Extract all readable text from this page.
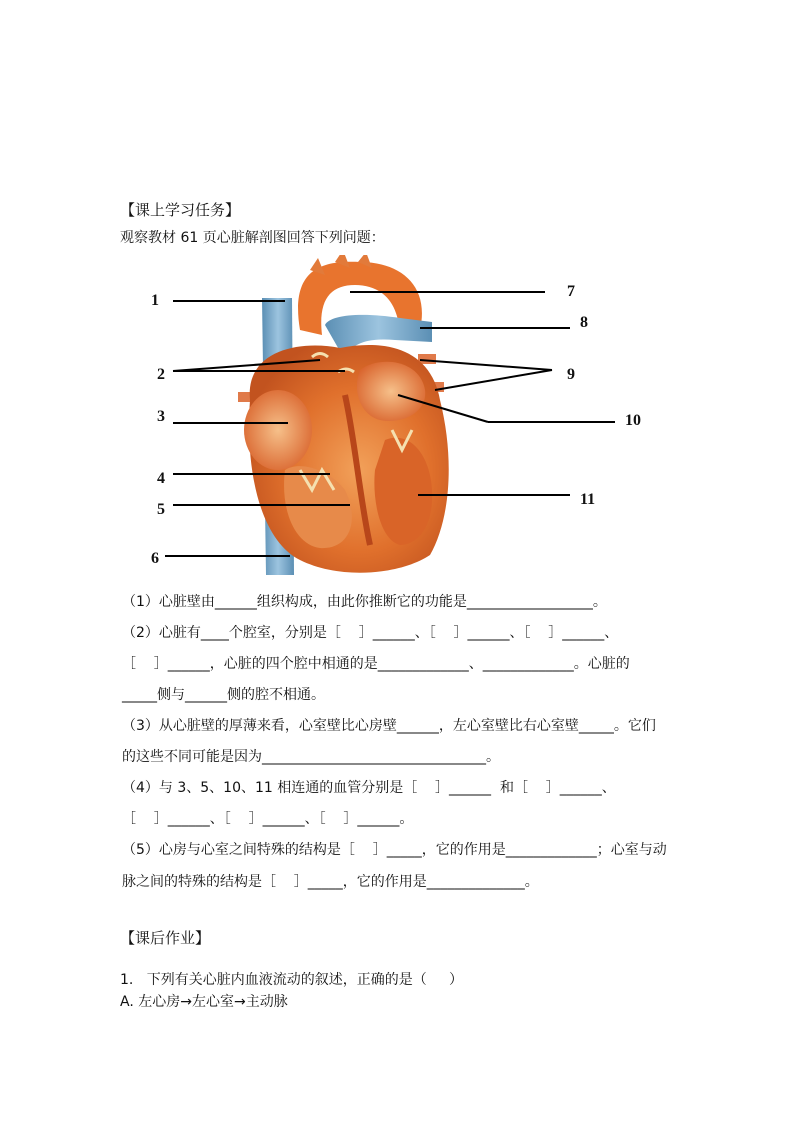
【课上学习任务】
观察教材 61 页心脏解剖图回答下列问题：
1
2
3
4
5
6
7
8
9
10
11
（1）心脏壁由______组织构成，由此你推断它的功能是__________________。
（2）心脏有____个腔室，分别是［    ］______、［    ］______、［    ］______、
［    ］______，心脏的四个腔中相通的是_____________、_____________。心脏的
_____侧与______侧的腔不相通。
（3）从心脏壁的厚薄来看，心室壁比心房壁______，左心室壁比右心室壁_____。它们
的这些不同可能是因为________________________________。
（4）与 3、5、10、11 相连通的血管分别是［    ］______  和［    ］______、
［    ］______、［    ］______、［    ］______。
（5）心房与心室之间特殊的结构是［    ］_____，它的作用是_____________；心室与动
脉之间的特殊的结构是［    ］_____，它的作用是______________。
【课后作业】
1.   下列有关心脏内血液流动的叙述，正确的是（     ）
A. 左心房→左心室→主动脉
